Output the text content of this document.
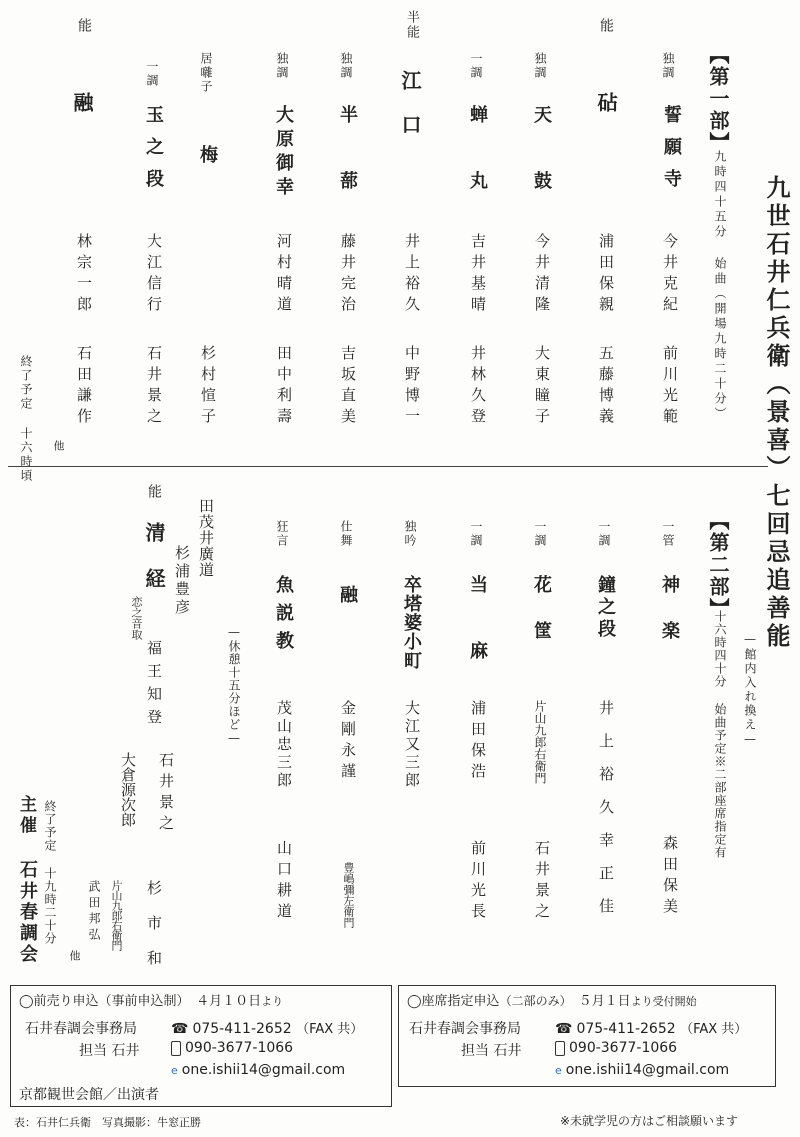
九世石井仁兵衛（景喜）七回忌追善能
【第一部】
九時四十五分 始曲（開場九時二十分）
独調
誓願寺
今井克紀
前川光範
能
砧
浦田保親
五藤博義
独調
天鼓
今井清隆
大東瞳子
一調
蝉丸
吉井基晴
井林久登
半能
江口
井上裕久
中野博一
独調
半蔀
藤井完治
吉坂直美
独調
大原御幸
河村晴道
田中利壽
居囃子
梅
杉村愃子
一調
玉之段
大江信行
石井景之
能
融
林宗一郎
石田謙作
他
終了予定 十六時頃
【第二部】
—館内入れ換え—
十六時四十分 始曲予定※二部座席指定有
一管
神楽
森田保美
一調
鐘之段
井上裕久
幸正佳
一調
花筐
片山九郎右衛門
石井景之
一調
当麻
浦田保浩
前川光長
独吟
卒塔婆小町
大江又三郎
仕舞
融
金剛永謹
豊嶋彌左衛門
狂言
魚説教
茂山忠三郎
山口耕道
—休憩十五分ほど—
田茂井廣道
杉浦豊彦
能
清経
恋之音取
福王知登
大倉源次郎 石井景之
杉市和
片山九郎右衛門
武田邦弘
他
終了予定 十九時二十分
主催
石井春調会
◯前売り申込（事前申込制）　 ４月１０日より
石井春調会事務局 ☎ 075-411-2652 （FAX 共）
担当 石井	090-3677-1066
e one.ishii14@gmail.com
京都観世会館／出演者
◯座席指定申込（二部のみ）　 ５月１日より受付開始
石井春調会事務局 ☎ 075-411-2652 （FAX 共）
担当 石井	090-3677-1066
e one.ishii14@gmail.com
表：石井仁兵衛　写真撮影：牛窓正勝	※未就学児の方はご相談願います
